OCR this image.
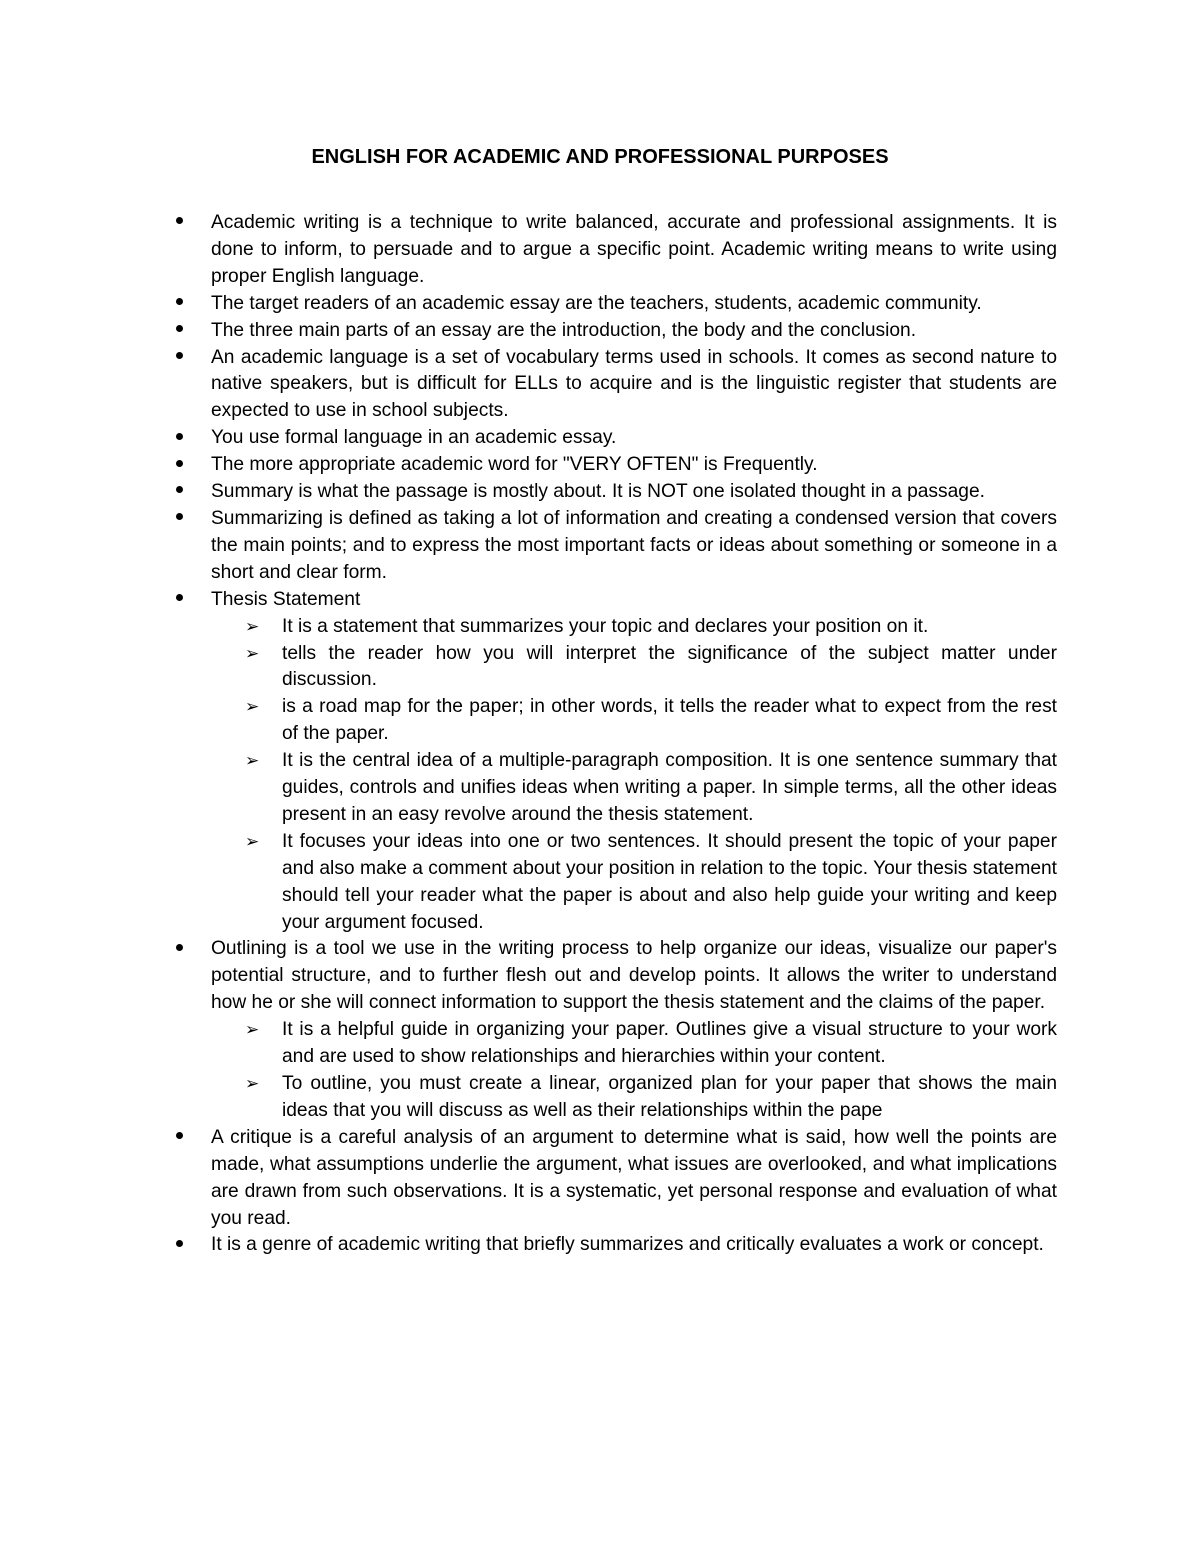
ENGLISH FOR ACADEMIC AND PROFESSIONAL PURPOSES
Academic writing is a technique to write balanced, accurate and professional assignments. It is done to inform, to persuade and to argue a specific point. Academic writing means to write using proper English language.
The target readers of an academic essay are the teachers, students, academic community.
The three main parts of an essay are the introduction, the body and the conclusion.
An academic language is a set of vocabulary terms used in schools. It comes as second nature to native speakers, but is difficult for ELLs to acquire and is the linguistic register that students are expected to use in school subjects.
You use formal language in an academic essay.
The more appropriate academic word for "VERY OFTEN" is Frequently.
Summary is what the passage is mostly about. It is NOT one isolated thought in a passage.
Summarizing is defined as taking a lot of information and creating a condensed version that covers the main points; and to express the most important facts or ideas about something or someone in a short and clear form.
Thesis Statement
➢ It is a statement that summarizes your topic and declares your position on it.
➢ tells the reader how you will interpret the significance of the subject matter under discussion.
➢ is a road map for the paper; in other words, it tells the reader what to expect from the rest of the paper.
➢ It is the central idea of a multiple-paragraph composition. It is one sentence summary that guides, controls and unifies ideas when writing a paper. In simple terms, all the other ideas present in an easy revolve around the thesis statement.
➢ It focuses your ideas into one or two sentences. It should present the topic of your paper and also make a comment about your position in relation to the topic. Your thesis statement should tell your reader what the paper is about and also help guide your writing and keep your argument focused.
Outlining is a tool we use in the writing process to help organize our ideas, visualize our paper's potential structure, and to further flesh out and develop points. It allows the writer to understand how he or she will connect information to support the thesis statement and the claims of the paper.
➢ It is a helpful guide in organizing your paper. Outlines give a visual structure to your work and are used to show relationships and hierarchies within your content.
➢ To outline, you must create a linear, organized plan for your paper that shows the main ideas that you will discuss as well as their relationships within the pape
A critique is a careful analysis of an argument to determine what is said, how well the points are made, what assumptions underlie the argument, what issues are overlooked, and what implications are drawn from such observations. It is a systematic, yet personal response and evaluation of what you read.
It is a genre of academic writing that briefly summarizes and critically evaluates a work or concept.
